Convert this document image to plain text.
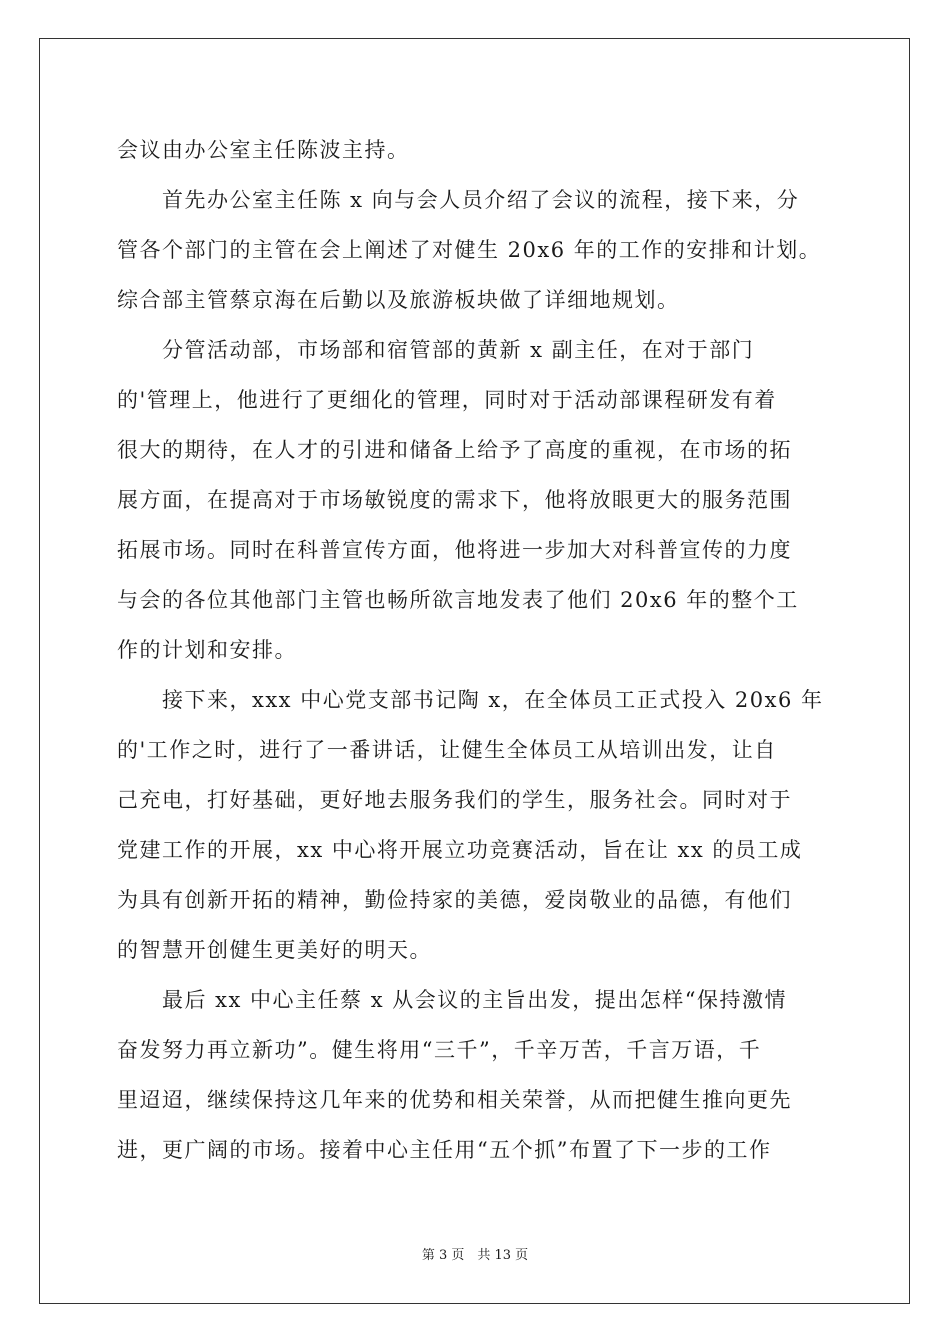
会议由办公室主任陈波主持。
　　首先办公室主任陈 x 向与会人员介绍了会议的流程，接下来，分
管各个部门的主管在会上阐述了对健生 20x6 年的工作的安排和计划。
综合部主管蔡京海在后勤以及旅游板块做了详细地规划。
　　分管活动部，市场部和宿管部的黄新 x 副主任，在对于部门
的'管理上，他进行了更细化的管理，同时对于活动部课程研发有着
很大的期待，在人才的引进和储备上给予了高度的重视，在市场的拓
展方面，在提高对于市场敏锐度的需求下，他将放眼更大的服务范围
拓展市场。同时在科普宣传方面，他将进一步加大对科普宣传的力度
与会的各位其他部门主管也畅所欲言地发表了他们 20x6 年的整个工
作的计划和安排。
　　接下来，xxx 中心党支部书记陶 x，在全体员工正式投入 20x6 年
的'工作之时，进行了一番讲话，让健生全体员工从培训出发，让自
己充电，打好基础，更好地去服务我们的学生，服务社会。同时对于
党建工作的开展，xx 中心将开展立功竞赛活动，旨在让 xx 的员工成
为具有创新开拓的精神，勤俭持家的美德，爱岗敬业的品德，有他们
的智慧开创健生更美好的明天。
　　最后 xx 中心主任蔡 x 从会议的主旨出发，提出怎样“保持激情
奋发努力再立新功”。健生将用“三千”，千辛万苦，千言万语，千
里迢迢，继续保持这几年来的优势和相关荣誉，从而把健生推向更先
进，更广阔的市场。接着中心主任用“五个抓”布置了下一步的工作
第 3 页　共 13 页
